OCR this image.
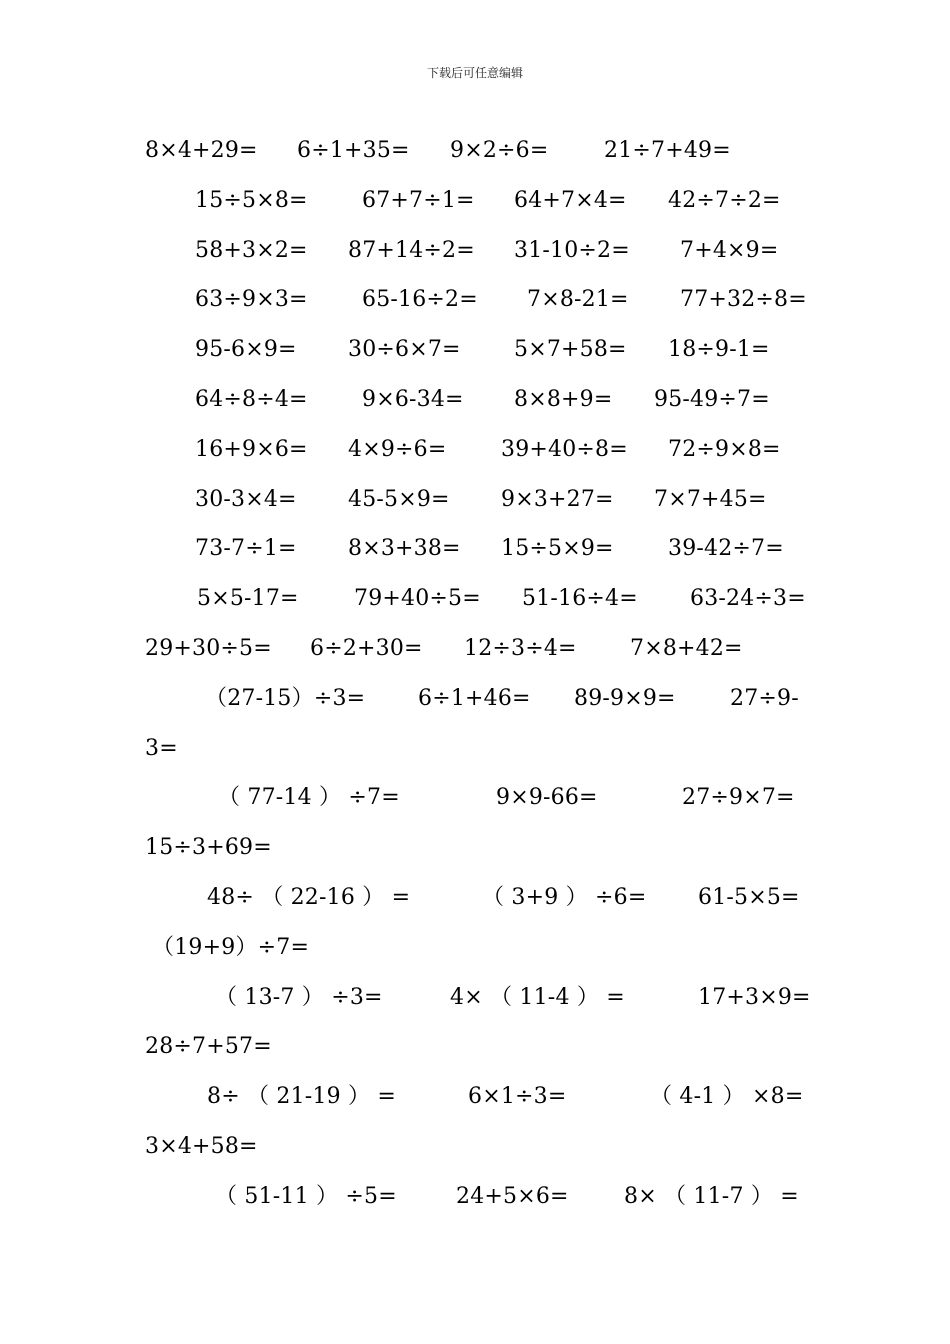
下载后可任意编辑
8×4+29= 6÷1+35= 9×2÷6=	21÷7+49=
15÷5×8= 67+7÷1= 64+7×4= 42÷7÷2=
58+3×2= 87+14÷2= 31-10÷2= 7+4×9=
63÷9×3= 65-16÷2= 7×8-21= 77+32÷8=
95-6×9= 30÷6×7= 5×7+58= 18÷9-1=
64÷8÷4= 9×6-34= 8×8+9= 95-49÷7=
16+9×6= 4×9÷6= 39+40÷8= 72÷9×8=
30-3×4= 45-5×9= 9×3+27= 7×7+45=
73-7÷1= 8×3+38= 15÷5×9= 39-42÷7=
5×5-17=	79+40÷5= 51-16÷4= 63-24÷3=
29+30÷5= 6÷2+30= 12÷3÷4= 7×8+42=
（27-15）÷3= 6÷1+46= 89-9×9= 27÷9-
3=
（ 77-14 ） ÷7=	9×9-66=	27÷9×7=
15÷3+69=
48÷ （ 22-16 ） =	（ 3+9 ） ÷6= 61-5×5=
（19+9）÷7=
（ 13-7 ） ÷3=	4× （ 11-4 ） =	17+3×9=
28÷7+57=
8÷ （ 21-19 ） =	6×1÷3=	（ 4-1 ） ×8=
3×4+58=
（ 51-11 ） ÷5=	24+5×6=	8× （ 11-7 ） =
